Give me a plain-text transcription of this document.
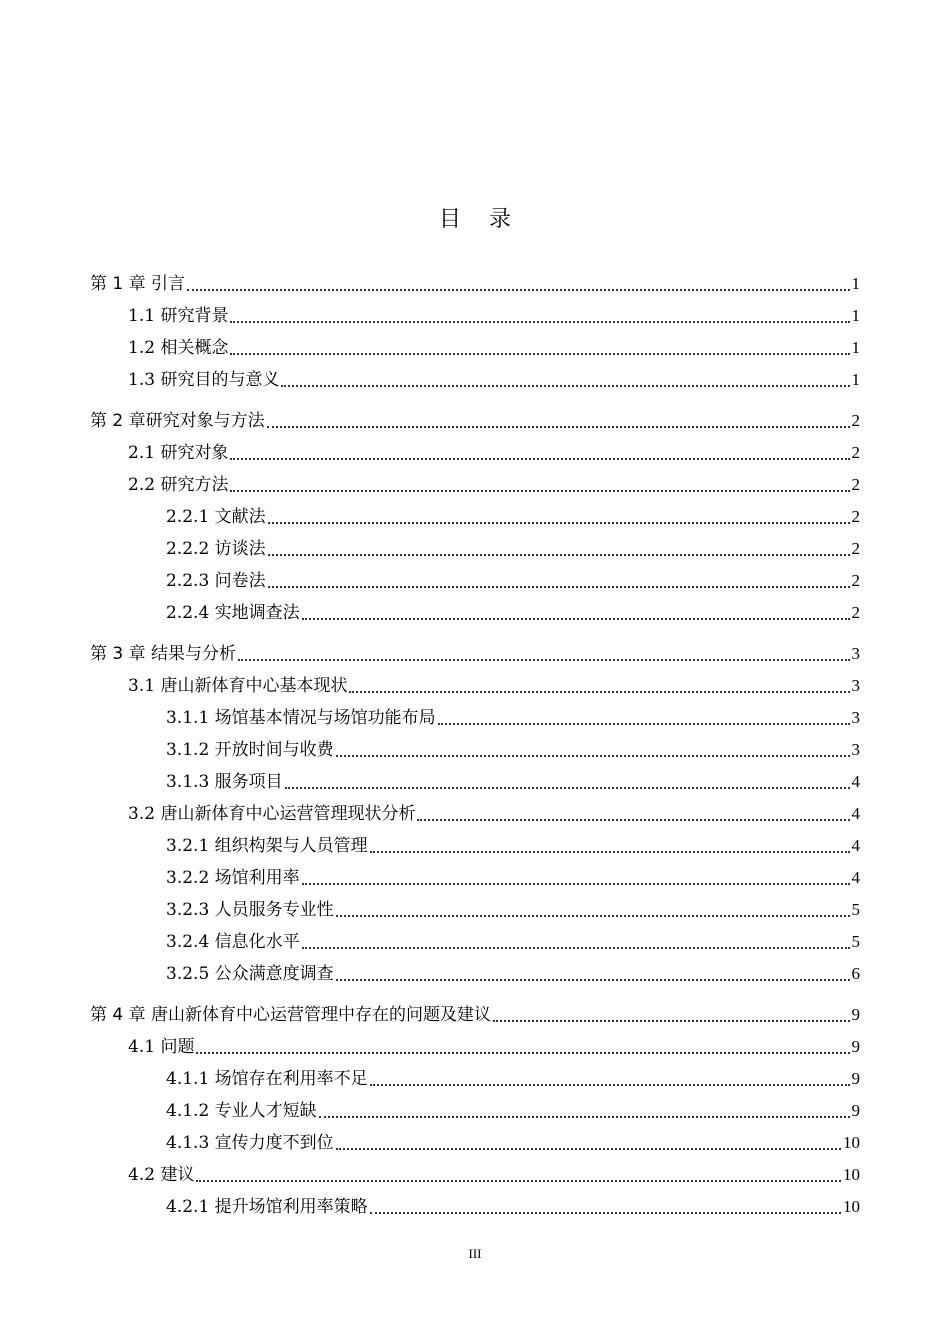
目 录
第 1 章 引言	1
1.1 研究背景	1
1.2 相关概念	1
1.3 研究目的与意义	1
第 2 章研究对象与方法	2
2.1 研究对象	2
2.2 研究方法	2
2.2.1 文献法	2
2.2.2 访谈法	2
2.2.3 问卷法	2
2.2.4 实地调查法	2
第 3 章 结果与分析	3
3.1 唐山新体育中心基本现状	3
3.1.1 场馆基本情况与场馆功能布局	3
3.1.2 开放时间与收费	3
3.1.3 服务项目	4
3.2 唐山新体育中心运营管理现状分析	4
3.2.1 组织构架与人员管理	4
3.2.2 场馆利用率	4
3.2.3 人员服务专业性	5
3.2.4 信息化水平	5
3.2.5 公众满意度调查	6
第 4 章 唐山新体育中心运营管理中存在的问题及建议	9
4.1 问题	9
4.1.1 场馆存在利用率不足	9
4.1.2 专业人才短缺	9
4.1.3 宣传力度不到位	10
4.2 建议	10
4.2.1 提升场馆利用率策略	10
III
